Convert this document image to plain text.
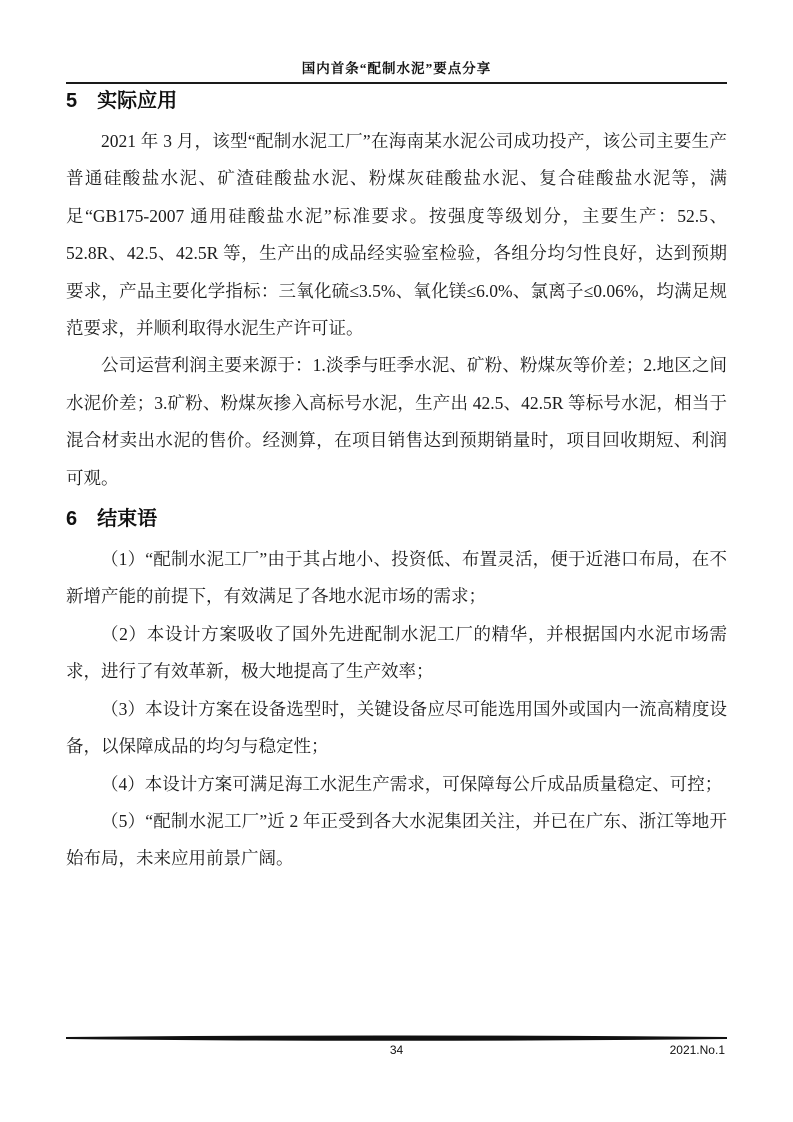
国内首条“配制水泥”要点分享
5 实际应用

2021 年 3 月，该型“配制水泥工厂”在海南某水泥公司成功投产，该公司主要生产普通硅酸盐水泥、矿渣硅酸盐水泥、粉煤灰硅酸盐水泥、复合硅酸盐水泥等，满足“GB175-2007 通用硅酸盐水泥”标准要求。按强度等级划分，主要生产：52.5、52.8R、42.5、42.5R 等，生产出的成品经实验室检验，各组分均匀性良好，达到预期要求，产品主要化学指标：三氧化硫≤3.5%、氧化镁≤6.0%、氯离子≤0.06%，均满足规范要求，并顺利取得水泥生产许可证。

公司运营利润主要来源于：1.淡季与旺季水泥、矿粉、粉煤灰等价差；2.地区之间水泥价差；3.矿粉、粉煤灰掺入高标号水泥，生产出 42.5、42.5R 等标号水泥，相当于混合材卖出水泥的售价。经测算，在项目销售达到预期销量时，项目回收期短、利润可观。

6 结束语

（1）“配制水泥工厂”由于其占地小、投资低、布置灵活，便于近港口布局，在不新增产能的前提下，有效满足了各地水泥市场的需求；

（2）本设计方案吸收了国外先进配制水泥工厂的精华，并根据国内水泥市场需求，进行了有效革新，极大地提高了生产效率；

（3）本设计方案在设备选型时，关键设备应尽可能选用国外或国内一流高精度设备，以保障成品的均匀与稳定性；

（4）本设计方案可满足海工水泥生产需求，可保障每公斤成品质量稳定、可控；

（5）“配制水泥工厂”近 2 年正受到各大水泥集团关注，并已在广东、浙江等地开始布局，未来应用前景广阔。

34	2021.No.1
